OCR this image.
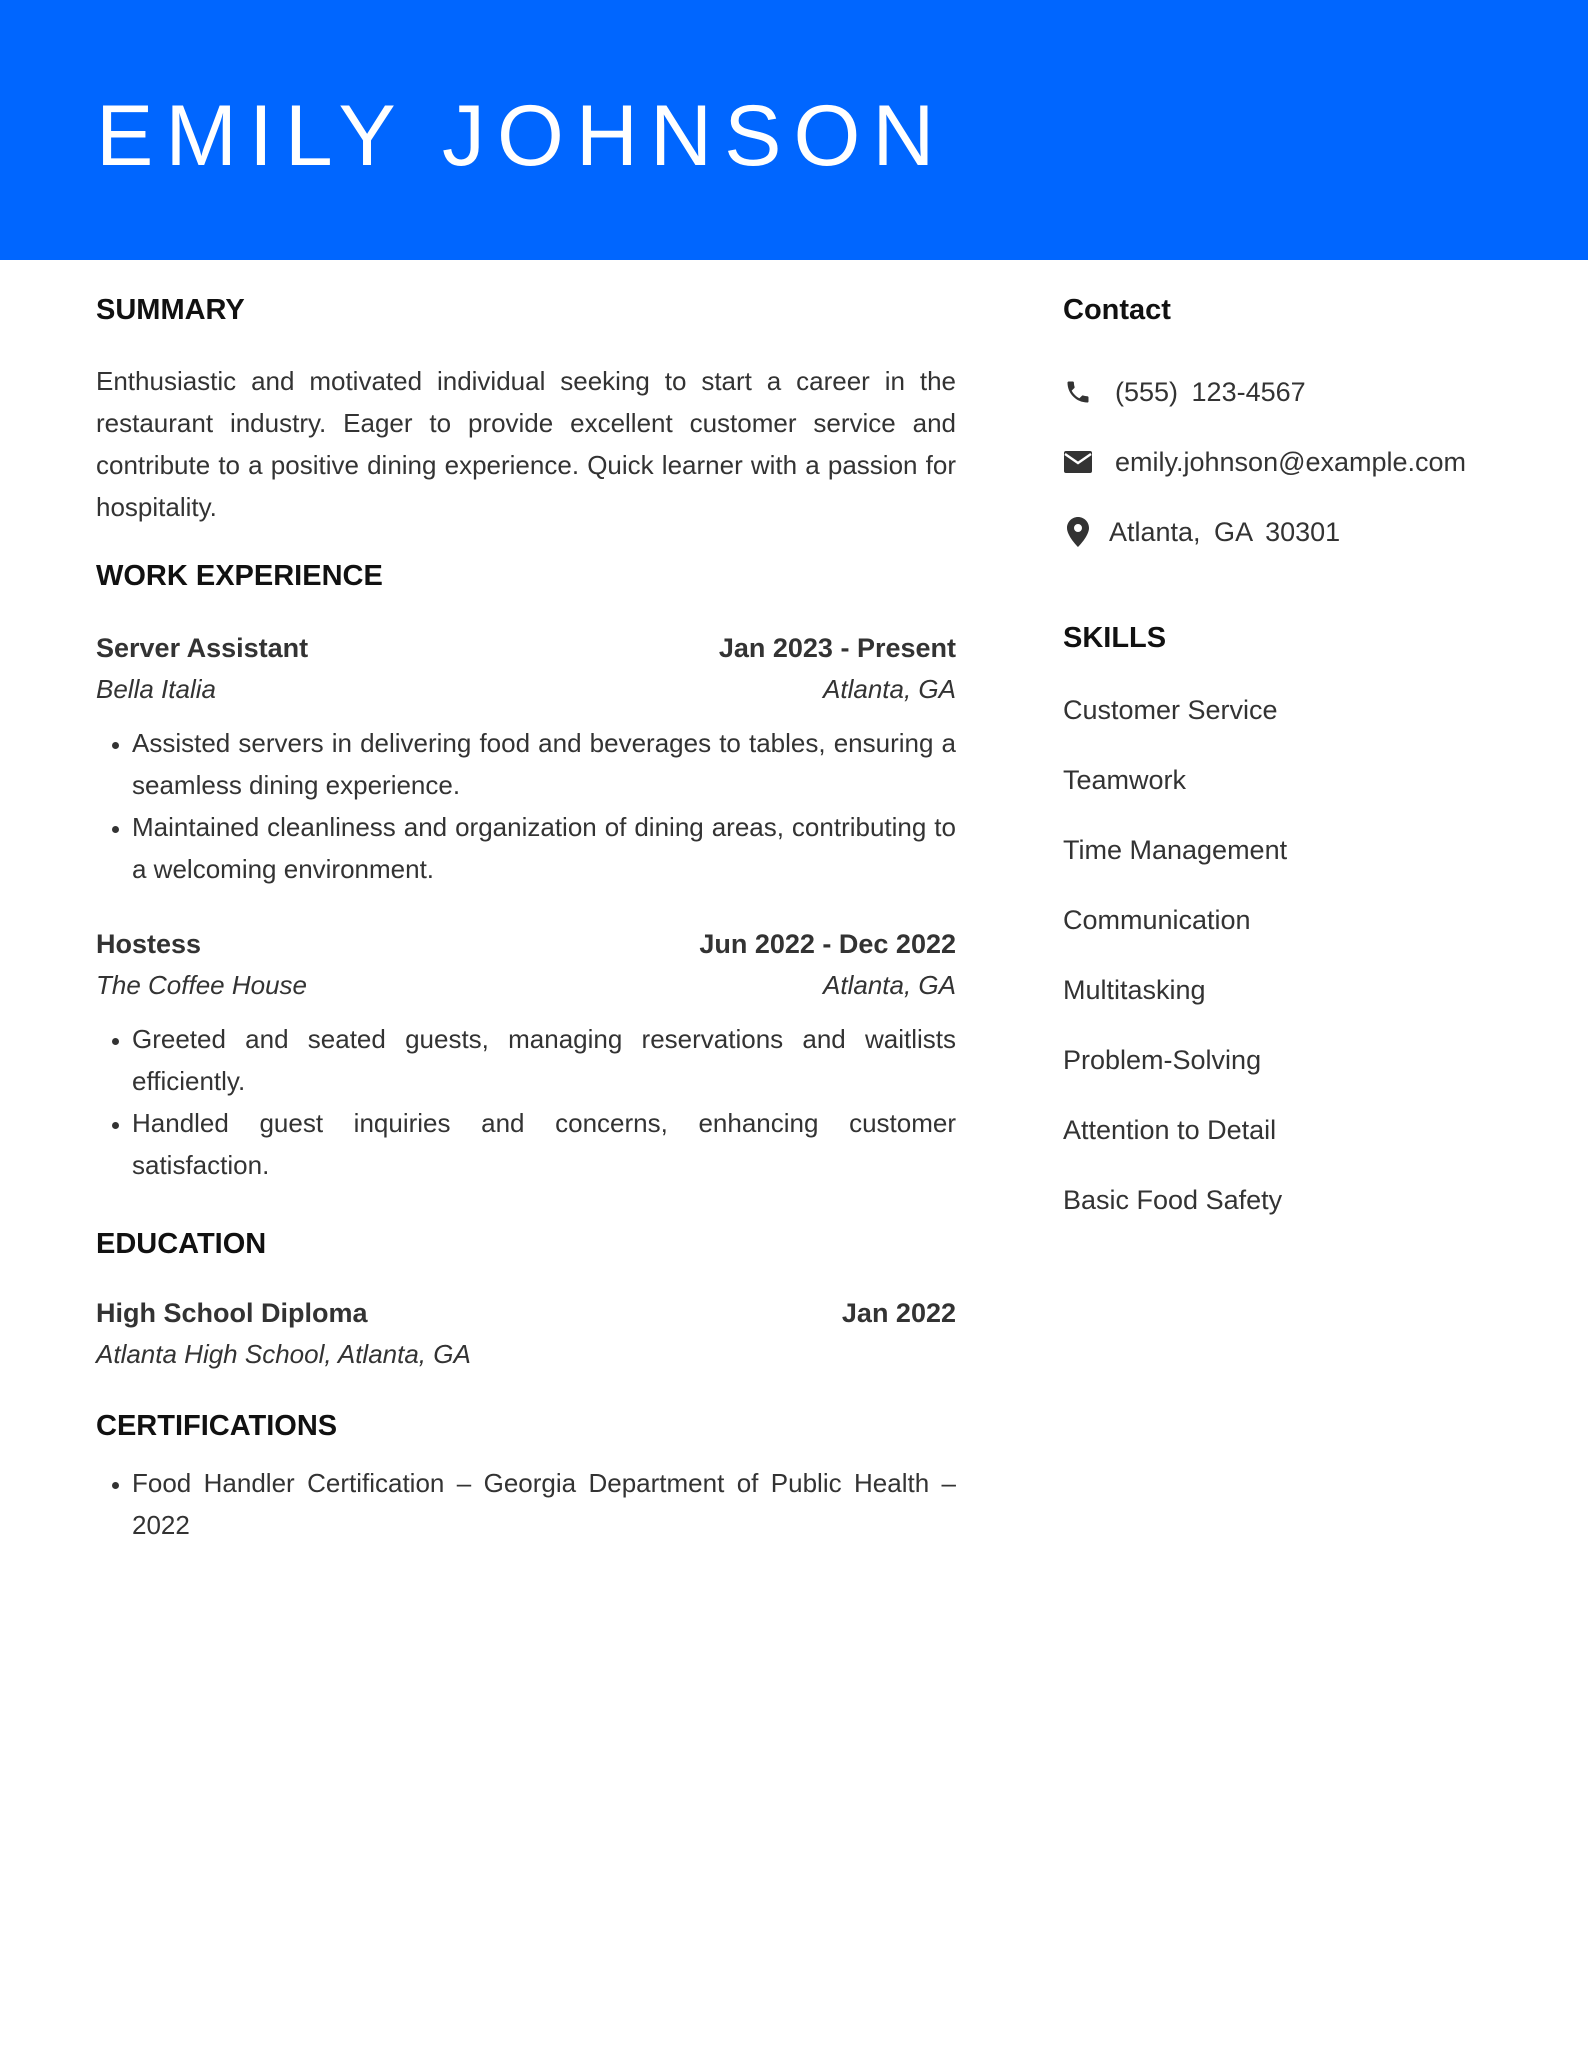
EMILY JOHNSON
SUMMARY

Enthusiastic and motivated individual seeking to start a career in the restaurant industry. Eager to provide excellent customer service and contribute to a positive dining experience. Quick learner with a passion for hospitality.

WORK EXPERIENCE
Server Assistant	Jan 2023 - Present
Bella Italia	Atlanta, GA
• Assisted servers in delivering food and beverages to tables, ensuring a seamless dining experience.
• Maintained cleanliness and organization of dining areas, contributing to a welcoming environment.
Hostess	Jun 2022 - Dec 2022
The Coffee House	Atlanta, GA
• Greeted and seated guests, managing reservations and waitlists efficiently.
• Handled guest inquiries and concerns, enhancing customer satisfaction.
EDUCATION
High School Diploma	Jan 2022
Atlanta High School, Atlanta, GA
CERTIFICATIONS
• Food Handler Certification – Georgia Department of Public Health – 2022
Contact
(555) 123-4567
emily.johnson@example.com
Atlanta, GA 30301
SKILLS
Customer Service
Teamwork
Time Management
Communication
Multitasking
Problem-Solving
Attention to Detail
Basic Food Safety
